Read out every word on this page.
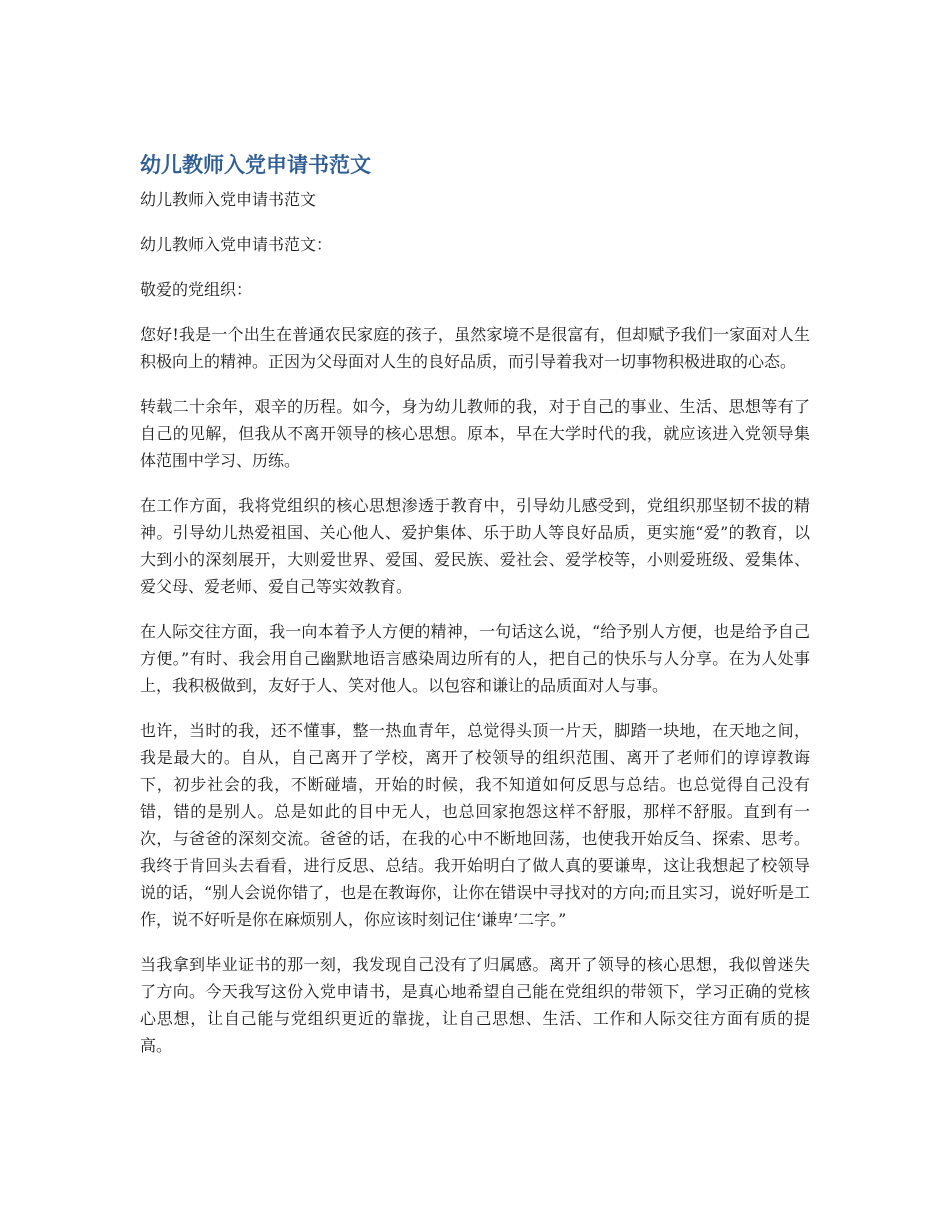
幼儿教师入党申请书范文

幼儿教师入党申请书范文

幼儿教师入党申请书范文：

敬爱的党组织：

您好!我是一个出生在普通农民家庭的孩子，虽然家境不是很富有，但却赋予我们一家面对人生积极向上的精神。正因为父母面对人生的良好品质，而引导着我对一切事物积极进取的心态。

转载二十余年，艰辛的历程。如今，身为幼儿教师的我，对于自己的事业、生活、思想等有了自己的见解，但我从不离开领导的核心思想。原本，早在大学时代的我，就应该进入党领导集体范围中学习、历练。

在工作方面，我将党组织的核心思想渗透于教育中，引导幼儿感受到，党组织那坚韧不拔的精神。引导幼儿热爱祖国、关心他人、爱护集体、乐于助人等良好品质，更实施“爱”的教育，以大到小的深刻展开，大则爱世界、爱国、爱民族、爱社会、爱学校等，小则爱班级、爱集体、爱父母、爱老师、爱自己等实效教育。

在人际交往方面，我一向本着予人方便的精神，一句话这么说，“给予别人方便，也是给予自己方便。”有时、我会用自己幽默地语言感染周边所有的人，把自己的快乐与人分享。在为人处事上，我积极做到，友好于人、笑对他人。以包容和谦让的品质面对人与事。

也许，当时的我，还不懂事，整一热血青年，总觉得头顶一片天，脚踏一块地，在天地之间，我是最大的。自从，自己离开了学校，离开了校领导的组织范围、离开了老师们的谆谆教诲下，初步社会的我，不断碰墙，开始的时候，我不知道如何反思与总结。也总觉得自己没有错，错的是别人。总是如此的目中无人，也总回家抱怨这样不舒服，那样不舒服。直到有一次，与爸爸的深刻交流。爸爸的话，在我的心中不断地回荡，也使我开始反刍、探索、思考。我终于肯回头去看看，进行反思、总结。我开始明白了做人真的要谦卑，这让我想起了校领导说的话，“别人会说你错了，也是在教诲你，让你在错误中寻找对的方向;而且实习，说好听是工作，说不好听是你在麻烦别人，你应该时刻记住‘谦卑’二字。”

当我拿到毕业证书的那一刻，我发现自己没有了归属感。离开了领导的核心思想，我似曾迷失了方向。今天我写这份入党申请书，是真心地希望自己能在党组织的带领下，学习正确的党核心思想，让自己能与党组织更近的靠拢，让自己思想、生活、工作和人际交往方面有质的提高。
